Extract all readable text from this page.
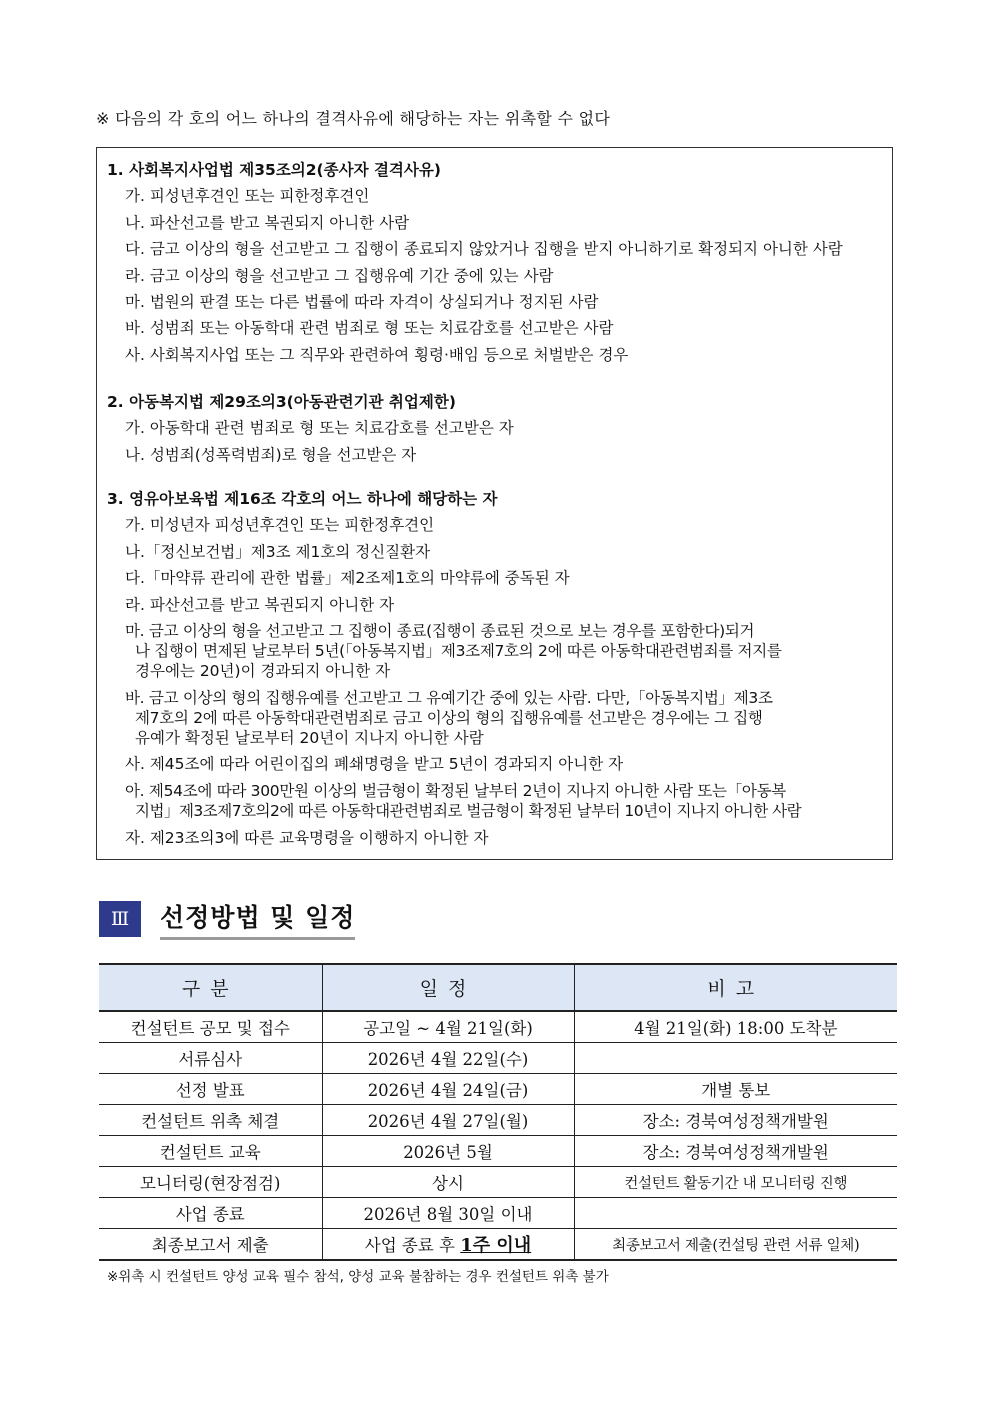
※ 다음의 각 호의 어느 하나의 결격사유에 해당하는 자는 위촉할 수 없다
1. 사회복지사업법 제35조의2(종사자 결격사유)
가. 피성년후견인 또는 피한정후견인
나. 파산선고를 받고 복권되지 아니한 사람
다. 금고 이상의 형을 선고받고 그 집행이 종료되지 않았거나 집행을 받지 아니하기로 확정되지 아니한 사람
라. 금고 이상의 형을 선고받고 그 집행유예 기간 중에 있는 사람
마. 법원의 판결 또는 다른 법률에 따라 자격이 상실되거나 정지된 사람
바. 성범죄 또는 아동학대 관련 범죄로 형 또는 치료감호를 선고받은 사람
사. 사회복지사업 또는 그 직무와 관련하여 횡령·배임 등으로 처벌받은 경우
2. 아동복지법 제29조의3(아동관련기관 취업제한)
가. 아동학대 관련 범죄로 형 또는 치료감호를 선고받은 자
나. 성범죄(성폭력범죄)로 형을 선고받은 자
3. 영유아보육법 제16조 각호의 어느 하나에 해당하는 자
가. 미성년자 피성년후견인 또는 피한정후견인
나.「정신보건법」제3조 제1호의 정신질환자
다.「마약류 관리에 관한 법률」제2조제1호의 마약류에 중독된 자
라. 파산선고를 받고 복권되지 아니한 자
마. 금고 이상의 형을 선고받고 그 집행이 종료(집행이 종료된 것으로 보는 경우를 포함한다)되거
나 집행이 면제된 날로부터 5년(「아동복지법」제3조제7호의 2에 따른 아동학대관련범죄를 저지를
경우에는 20년)이 경과되지 아니한 자
바. 금고 이상의 형의 집행유예를 선고받고 그 유예기간 중에 있는 사람. 다만,「아동복지법」제3조
제7호의 2에 따른 아동학대관련범죄로 금고 이상의 형의 집행유예를 선고받은 경우에는 그 집행
유예가 확정된 날로부터 20년이 지나지 아니한 사람
사. 제45조에 따라 어린이집의 폐쇄명령을 받고 5년이 경과되지 아니한 자
아. 제54조에 따라 300만원 이상의 벌금형이 확정된 날부터 2년이 지나지 아니한 사람 또는「아동복
지법」제3조제7호의2에 따른 아동학대관련범죄로 벌금형이 확정된 날부터 10년이 지나지 아니한 사람
자. 제23조의3에 따른 교육명령을 이행하지 아니한 자
Ⅲ	선정방법 및 일정
구분	일정	비고
컨설턴트 공모 및 접수	공고일 ~ 4월 21일(화)	4월 21일(화) 18:00 도착분
서류심사	2026년 4월 22일(수)	
선정 발표	2026년 4월 24일(금)	개별 통보
컨설턴트 위촉 체결	2026년 4월 27일(월)	장소: 경북여성정책개발원
컨설턴트 교육	2026년 5월	장소: 경북여성정책개발원
모니터링(현장점검)	상시	컨설턴트 활동기간 내 모니터링 진행
사업 종료	2026년 8월 30일 이내	
최종보고서 제출	사업 종료 후 1주 이내	최종보고서 제출(컨설팅 관련 서류 일체)
※위촉 시 컨설턴트 양성 교육 필수 참석, 양성 교육 불참하는 경우 컨설턴트 위촉 불가
